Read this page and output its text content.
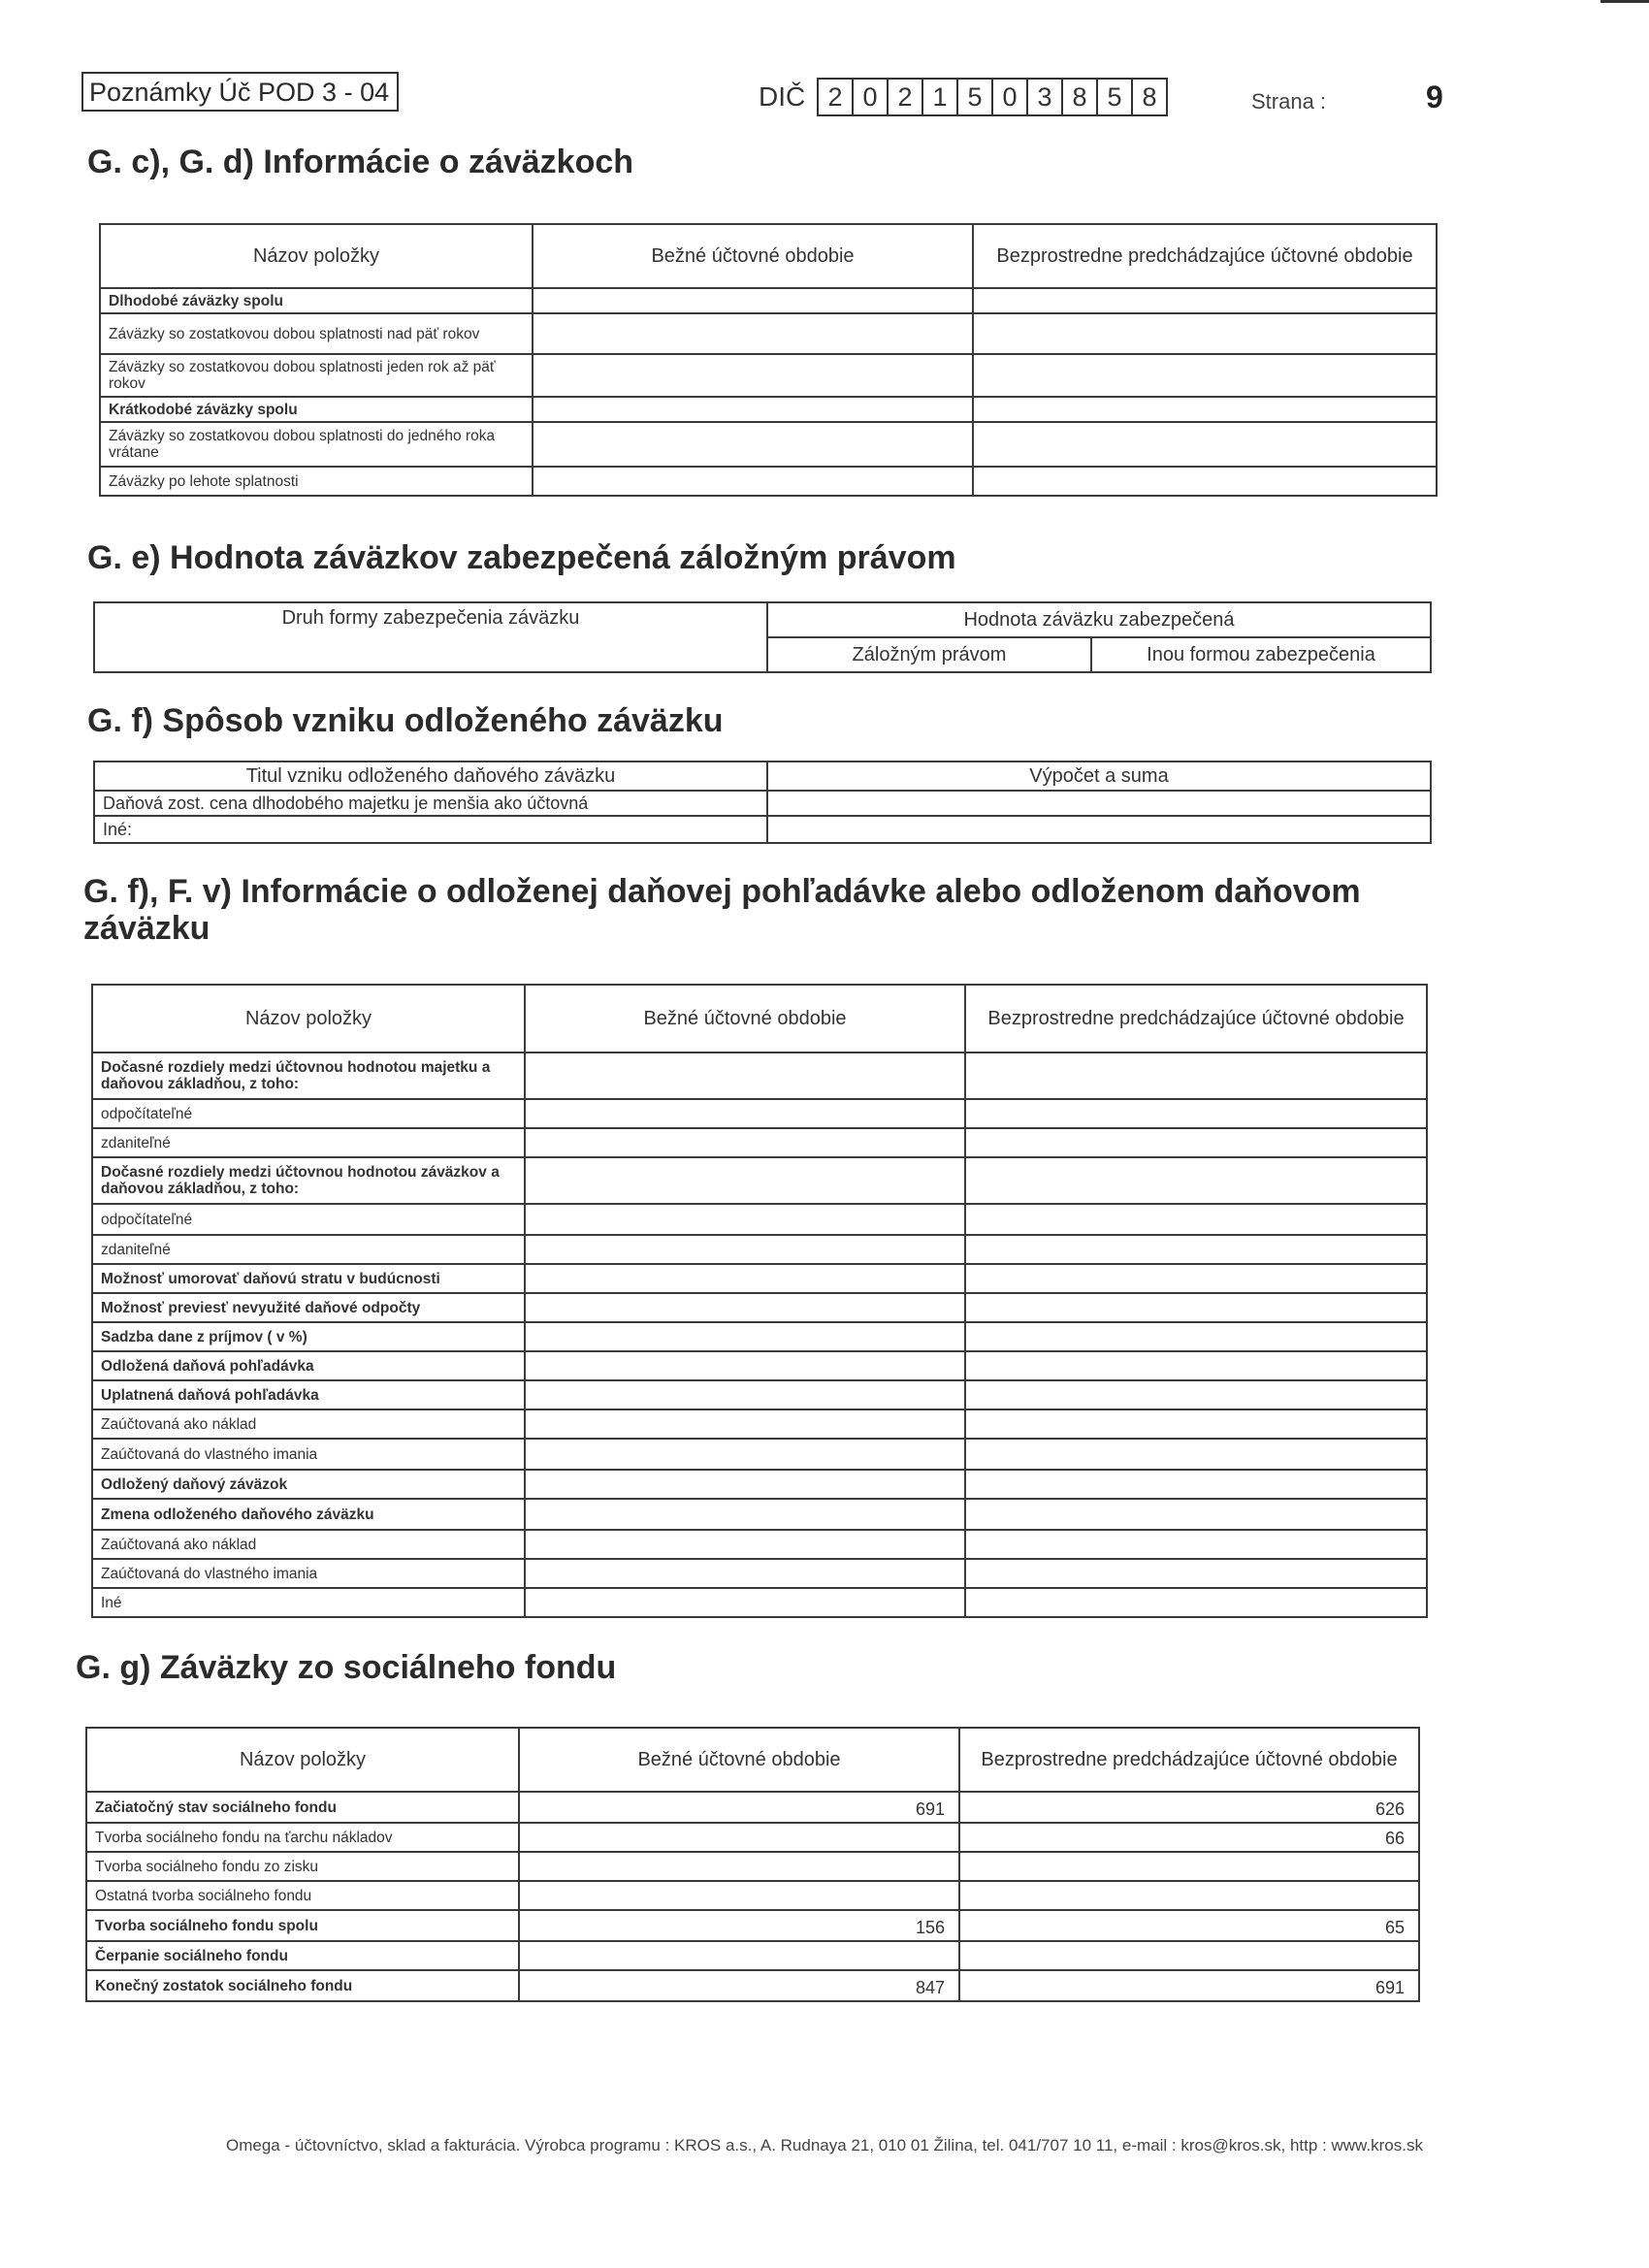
Poznámky Úč POD 3 - 04	DIČ 2 0 2 1 5 0 3 8 5 8	Strana :	9
G. c), G. d) Informácie o záväzkoch
Názov položky	Bežné účtovné obdobie	Bezprostredne predchádzajúce účtovné obdobie
Dlhodobé záväzky spolu		
Záväzky so zostatkovou dobou splatnosti nad päť rokov		
Záväzky so zostatkovou dobou splatnosti jeden rok až päť rokov		
Krátkodobé záväzky spolu		
Záväzky so zostatkovou dobou splatnosti do jedného roka vrátane		
Záväzky po lehote splatnosti		
G. e) Hodnota záväzkov zabezpečená záložným právom
Druh formy zabezpečenia záväzku	Hodnota záväzku zabezpečená	
	Záložným právom	Inou formou zabezpečenia
G. f) Spôsob vzniku odloženého záväzku
Titul vzniku odloženého daňového záväzku	Výpočet a suma
Daňová zost. cena dlhodobého majetku je menšia ako účtovná	
Iné:	
G. f), F. v) Informácie o odloženej daňovej pohľadávke alebo odloženom daňovom
záväzku
Názov položky	Bežné účtovné obdobie	Bezprostredne predchádzajúce účtovné obdobie
Dočasné rozdiely medzi účtovnou hodnotou majetku a daňovou základňou, z toho:		
odpočítateľné		
zdaniteľné		
Dočasné rozdiely medzi účtovnou hodnotou záväzkov a daňovou základňou, z toho:		
odpočítateľné		
zdaniteľné		
Možnosť umorovať daňovú stratu v budúcnosti		
Možnosť previesť nevyužité daňové odpočty		
Sadzba dane z príjmov ( v %)		
Odložená daňová pohľadávka		
Uplatnená daňová pohľadávka		
Zaúčtovaná ako náklad		
Zaúčtovaná do vlastného imania		
Odložený daňový záväzok		
Zmena odloženého daňového záväzku		
Zaúčtovaná ako náklad		
Zaúčtovaná do vlastného imania		
Iné		
G. g) Záväzky zo sociálneho fondu
Názov položky	Bežné účtovné obdobie	Bezprostredne predchádzajúce účtovné obdobie
Začiatočný stav sociálneho fondu	691	626
Tvorba sociálneho fondu na ťarchu nákladov		66
Tvorba sociálneho fondu zo zisku		
Ostatná tvorba sociálneho fondu		
Tvorba sociálneho fondu spolu	156	65
Čerpanie sociálneho fondu		
Konečný zostatok sociálneho fondu	847	691
Omega - účtovníctvo, sklad a fakturácia. Výrobca programu : KROS a.s., A. Rudnaya 21, 010 01 Žilina, tel. 041/707 10 11, e-mail : kros@kros.sk, http : www.kros.sk
